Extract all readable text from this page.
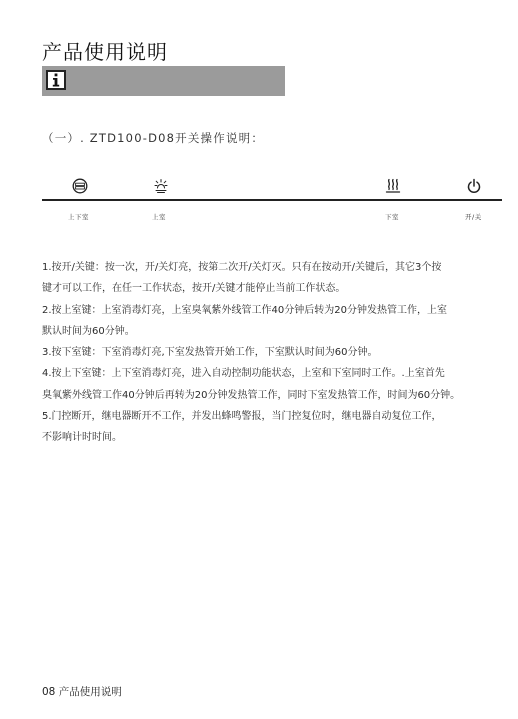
产品使用说明
（一）. ZTD100-D08开关操作说明：
上下室	上室	下室	开/关

1.按开/关键：按一次，开/关灯亮，按第二次开/关灯灭。只有在按动开/关键后，其它3个按

键才可以工作，在任一工作状态，按开/关键才能停止当前工作状态。

2.按上室键：上室消毒灯亮，上室臭氧紫外线管工作40分钟后转为20分钟发热管工作，上室

默认时间为60分钟。

3.按下室键：下室消毒灯亮,下室发热管开始工作，下室默认时间为60分钟。

4.按上下室键：上下室消毒灯亮，进入自动控制功能状态，上室和下室同时工作。.上室首先

臭氧紫外线管工作40分钟后再转为20分钟发热管工作，同时下室发热管工作，时间为60分钟。

5.门控断开，继电器断开不工作，并发出蜂鸣警报，当门控复位时，继电器自动复位工作，

不影响计时时间。

08 产品使用说明
